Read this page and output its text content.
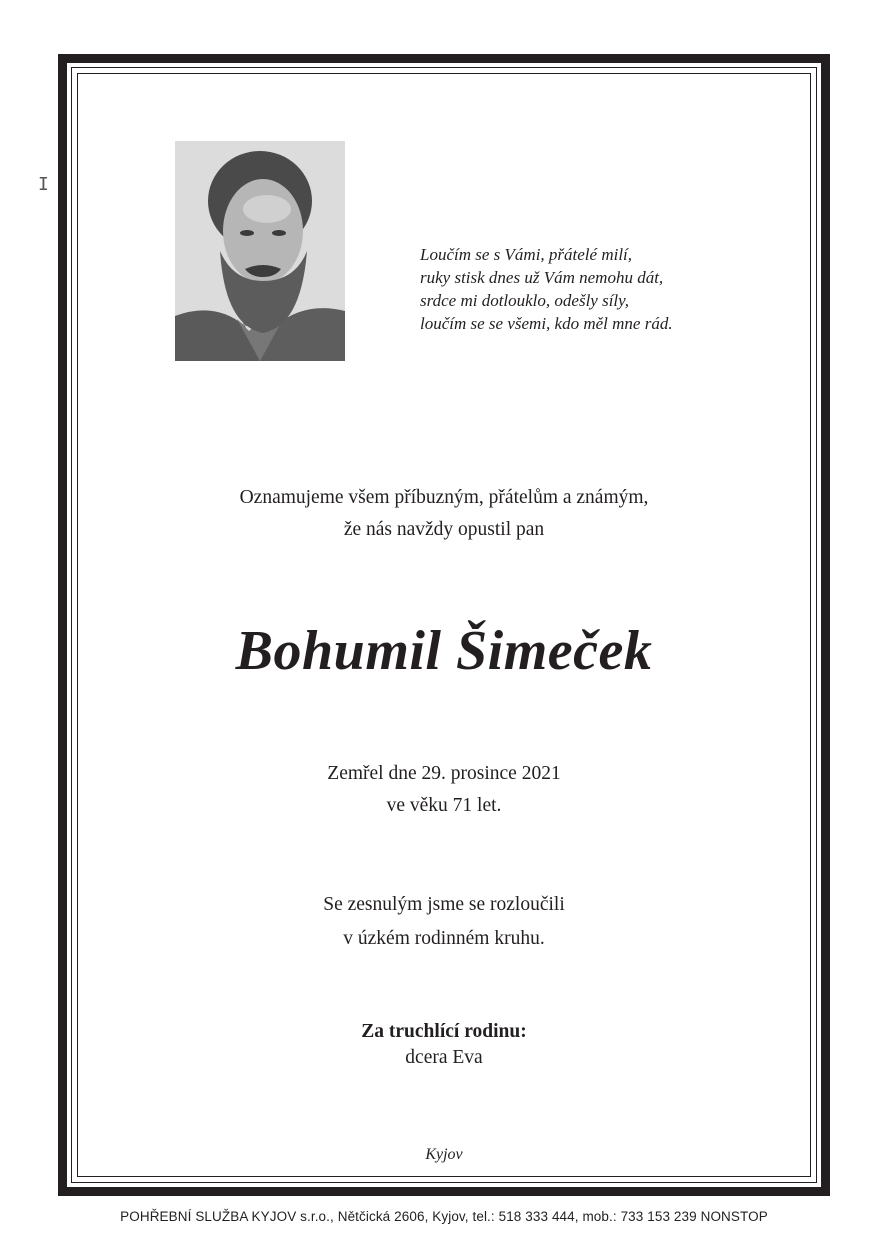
Ι
Loučím se s Vámi, přátelé milí,
ruky stisk dnes už Vám nemohu dát,
srdce mi dotlouklo, odešly síly,
loučím se se všemi, kdo měl mne rád.
Oznamujeme všem příbuzným, přátelům a známým,
že nás navždy opustil pan
Bohumil Šimeček
Zemřel dne 29. prosince 2021
ve věku 71 let.
Se zesnulým jsme se rozloučili
v úzkém rodinném kruhu.
Za truchlící rodinu:
dcera Eva
Kyjov
POHŘEBNÍ SLUŽBA KYJOV s.r.o., Nětčická 2606, Kyjov, tel.: 518 333 444, mob.: 733 153 239 NONSTOP
